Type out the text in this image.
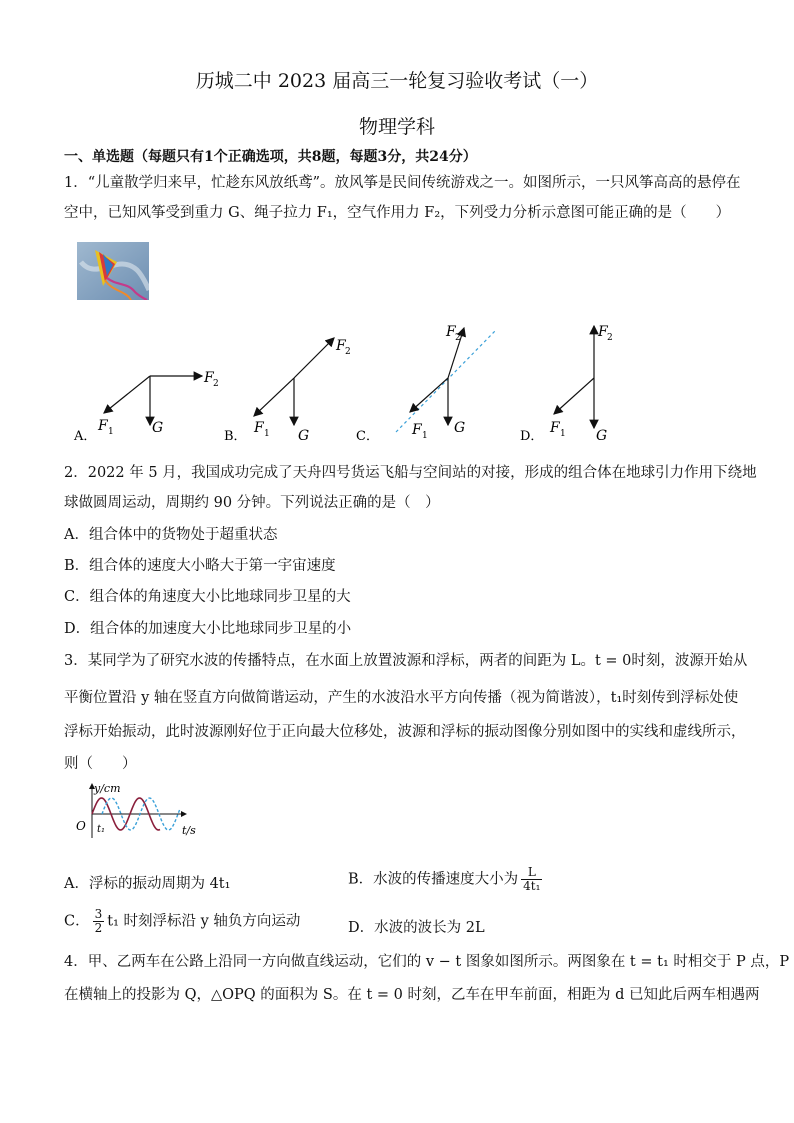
历城二中 2023 届高三一轮复习验收考试（一）
物理学科
一、单选题（每题只有1个正确选项，共8题，每题3分，共24分）
1．“儿童散学归来早，忙趁东风放纸鸢”。放风筝是民间传统游戏之一。如图所示，一只风筝高高的悬停在
空中，已知风筝受到重力 G、绳子拉力 F₁，空气作用力 F₂，下列受力分析示意图可能正确的是（　　）
A．
F 1	G
F 2
B．
F 2
F 1 G	C．
F 2
F 1 G
D．
F 2
F 1 G
2．2022 年 5 月，我国成功完成了天舟四号货运飞船与空间站的对接，形成的组合体在地球引力作用下绕地
球做圆周运动，周期约 90 分钟。下列说法正确的是（　）
A．组合体中的货物处于超重状态
B．组合体的速度大小略大于第一宇宙速度
C．组合体的角速度大小比地球同步卫星的大
D．组合体的加速度大小比地球同步卫星的小
3．某同学为了研究水波的传播特点，在水面上放置波源和浮标，两者的间距为 L。t = 0时刻，波源开始从
平衡位置沿 y 轴在竖直方向做简谐运动，产生的水波沿水平方向传播（视为简谐波），t₁时刻传到浮标处使
浮标开始振动，此时波源刚好位于正向最大位移处，波源和浮标的振动图像分别如图中的实线和虚线所示，
则（　　）
y/cm
t/s
O t₁
A．浮标的振动周期为 4t₁	B．水波的传播速度大小为 $\frac{L}{\text{4t₁}}$
C． $\frac{3}{2} t_1$ 时刻浮标沿 y 轴负方向运动	D．水波的波长为 2L
4．甲、乙两车在公路上沿同一方向做直线运动，它们的 v − t 图象如图所示。两图象在 t = t₁ 时相交于 P 点，P
在横轴上的投影为 Q，△OPQ 的面积为 S。在 t = 0 时刻，乙车在甲车前面，相距为 d 已知此后两车相遇两
